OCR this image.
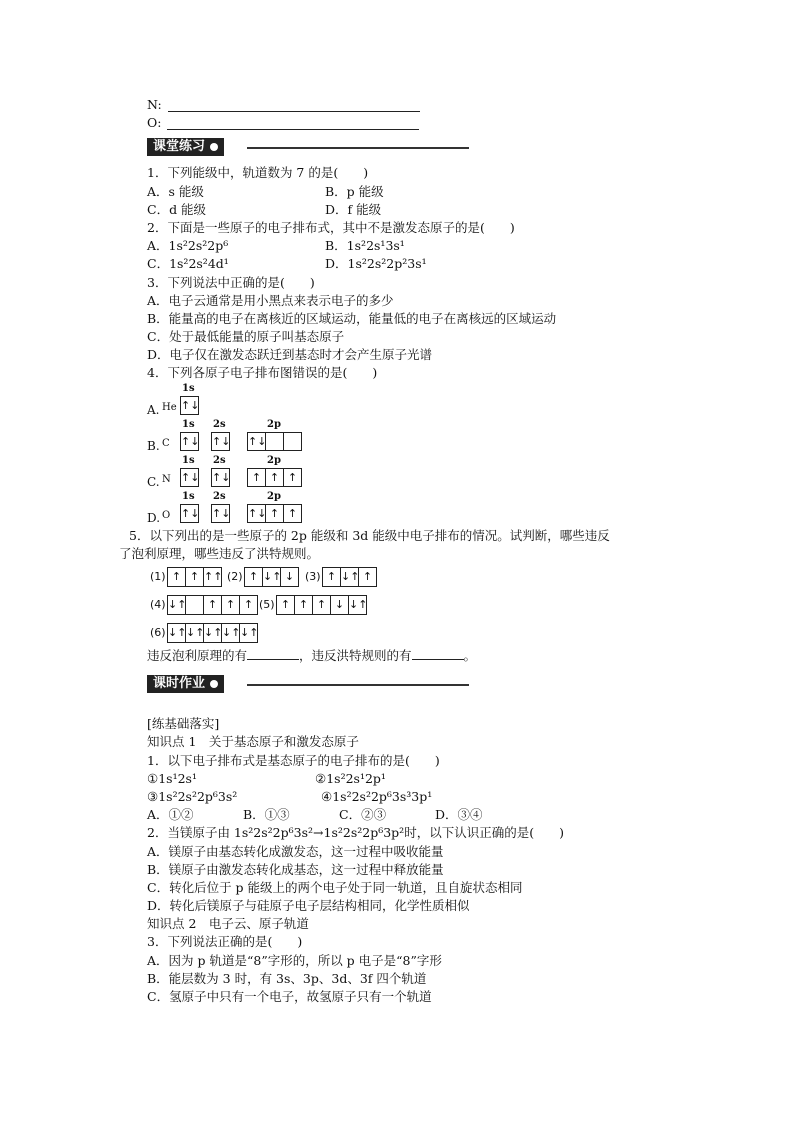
N:
O:
课堂练习
1．下列能级中，轨道数为 7 的是(　　)
A．s 能级	B．p 能级
C．d 能级	D．f 能级
2．下面是一些原子的电子排布式，其中不是激发态原子的是(　　)
A．1s²2s²2p⁶	B．1s²2s¹3s¹
C．1s²2s²4d¹	D．1s²2s²2p²3s¹
3．下列说法中正确的是(　　)
A．电子云通常是用小黑点来表示电子的多少
B．能量高的电子在离核近的区域运动，能量低的电子在离核远的区域运动
C．处于最低能量的原子叫基态原子
D．电子仅在激发态跃迁到基态时才会产生原子光谱
4．下列各原子电子排布图错误的是(　　)
A. He
1s
↑↓
B. C
1s
↑↓
2s
↑↓
2p
↑↓
C. N
1s
↑↓
2s
↑↓
2p
↑ ↑ ↑
D. O
1s
↑↓
2s
↑↓
2p
↑↓ ↑ ↑
5．以下列出的是一些原子的 2p 能级和 3d 能级中电子排布的情况。试判断，哪些违反
了泡利原理，哪些违反了洪特规则。
(1) ↑ ↑ ↑↑ (2) ↑ ↓↑ ↓ (3) ↑ ↓↑ ↑
(4) ↓↑	↑ ↑ ↑ (5) ↑ ↑ ↑ ↓ ↓↑
(6) ↓↑ ↓↑ ↓↑ ↓↑ ↓↑
违反泡利原理的有	，违反洪特规则的有	。
课时作业
[练基础落实]
知识点 1　关于基态原子和激发态原子
1．以下电子排布式是基态原子的电子排布的是(　　)
①1s¹2s¹	②1s²2s¹2p¹
③1s²2s²2p⁶3s²	④1s²2s²2p⁶3s³3p¹
A．①②	B．①③	C．②③	D．③④
2．当镁原子由 1s²2s²2p⁶3s²→1s²2s²2p⁶3p²时，以下认识正确的是(　　)
A．镁原子由基态转化成激发态，这一过程中吸收能量
B．镁原子由激发态转化成基态，这一过程中释放能量
C．转化后位于 p 能级上的两个电子处于同一轨道，且自旋状态相同
D．转化后镁原子与硅原子电子层结构相同，化学性质相似
知识点 2　电子云、原子轨道
3．下列说法正确的是(　　)
A．因为 p 轨道是“8”字形的，所以 p 电子是“8”字形
B．能层数为 3 时，有 3s、3p、3d、3f 四个轨道
C．氢原子中只有一个电子，故氢原子只有一个轨道
